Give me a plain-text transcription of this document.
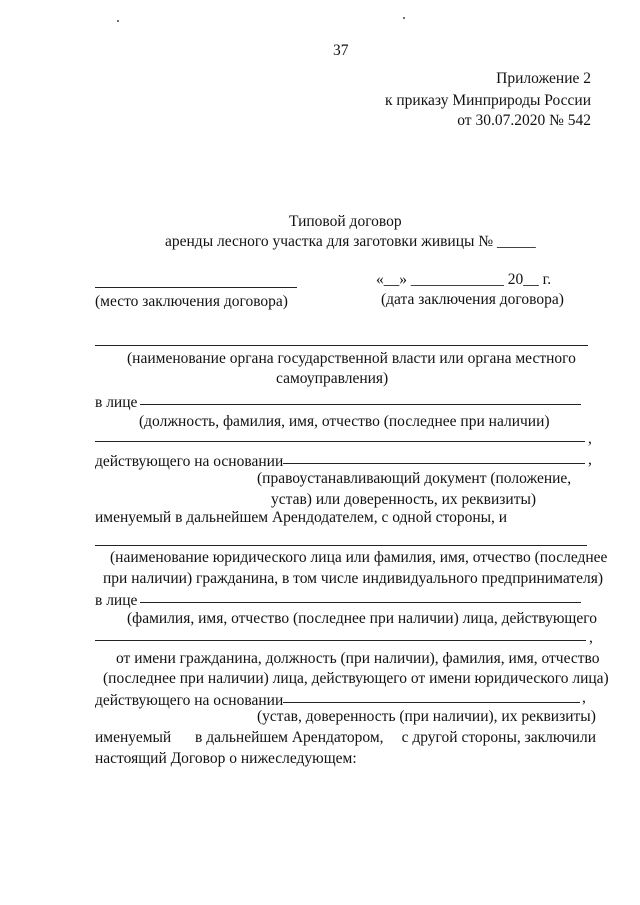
37
Приложение 2
к приказу Минприроды России
от 30.07.2020 № 542
Типовой договор
аренды лесного участка для заготовки живицы № _____
«__» ____________ 20__ г.
(место заключения договора)	(дата заключения договора)
(наименование органа государственной власти или органа местного
самоуправления)
в лице
(должность, фамилия, имя, отчество (последнее при наличии)
,
действующего на основании	,
(правоустанавливающий документ (положение,
устав) или доверенность, их реквизиты)
именуемый в дальнейшем Арендодателем, с одной стороны, и
(наименование юридического лица или фамилия, имя, отчество (последнее
при наличии) гражданина, в том числе индивидуального предпринимателя)
в лице
(фамилия, имя, отчество (последнее при наличии) лица, действующего
,
от имени гражданина, должность (при наличии), фамилия, имя, отчество
(последнее при наличии) лица, действующего от имени юридического лица)
действующего на основании	,
(устав, доверенность (при наличии), их реквизиты)
именуемый в дальнейшем Арендатором, с другой стороны, заключили
настоящий Договор о нижеследующем:
